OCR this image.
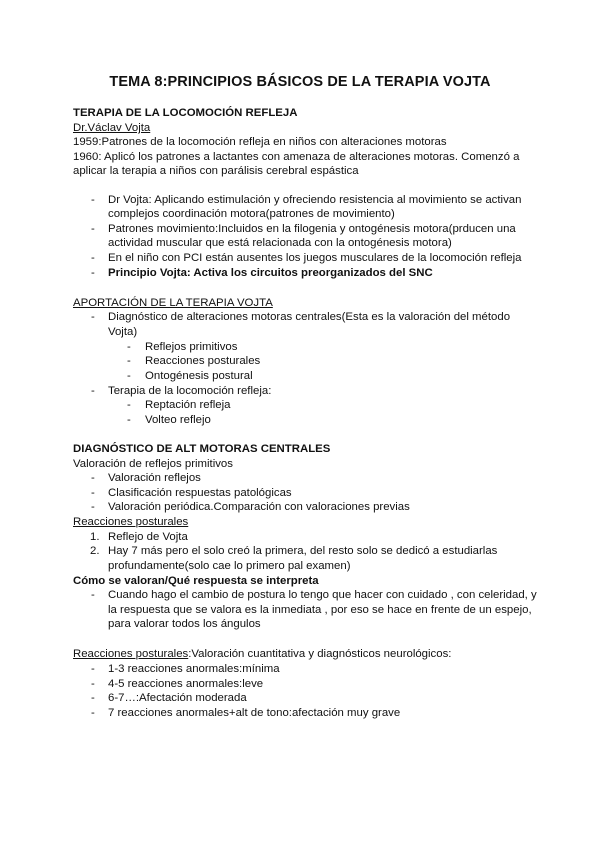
TEMA 8:PRINCIPIOS BÁSICOS DE LA TERAPIA VOJTA
TERAPIA DE LA LOCOMOCIÓN REFLEJA
Dr.Václav Vojta
1959:Patrones de la locomoción refleja en niños con alteraciones motoras
1960: Aplicó los patrones a lactantes con amenaza de alteraciones motoras. Comenzó a
aplicar la terapia a niños con parálisis cerebral espástica
- Dr Vojta: Aplicando estimulación y ofreciendo resistencia al movimiento se activan
complejos coordinación motora(patrones de movimiento)
- Patrones movimiento:Incluidos en la filogenia y ontogénesis motora(prducen una
actividad muscular que está relacionada con la ontogénesis motora)
- En el niño con PCI están ausentes los juegos musculares de la locomoción refleja
- Principio Vojta: Activa los circuitos preorganizados del SNC
APORTACIÓN DE LA TERAPIA VOJTA
- Diagnóstico de alteraciones motoras centrales(Esta es la valoración del método
Vojta)
- Reflejos primitivos
- Reacciones posturales
- Ontogénesis postural
- Terapia de la locomoción refleja:
- Reptación refleja
- Volteo reflejo
DIAGNÓSTICO DE ALT MOTORAS CENTRALES
Valoración de reflejos primitivos
- Valoración reflejos
- Clasificación respuestas patológicas
- Valoración periódica.Comparación con valoraciones previas
Reacciones posturales
1. Reflejo de Vojta
2. Hay 7 más pero el solo creó la primera, del resto solo se dedicó a estudiarlas
profundamente(solo cae lo primero pal examen)
Cómo se valoran/Qué respuesta se interpreta
- Cuando hago el cambio de postura lo tengo que hacer con cuidado , con celeridad, y
la respuesta que se valora es la inmediata , por eso se hace en frente de un espejo,
para valorar todos los ángulos
Reacciones posturales:Valoración cuantitativa y diagnósticos neurológicos:
- 1-3 reacciones anormales:mínima
- 4-5 reacciones anormales:leve
- 6-7…:Afectación moderada
- 7 reacciones anormales+alt de tono:afectación muy grave
